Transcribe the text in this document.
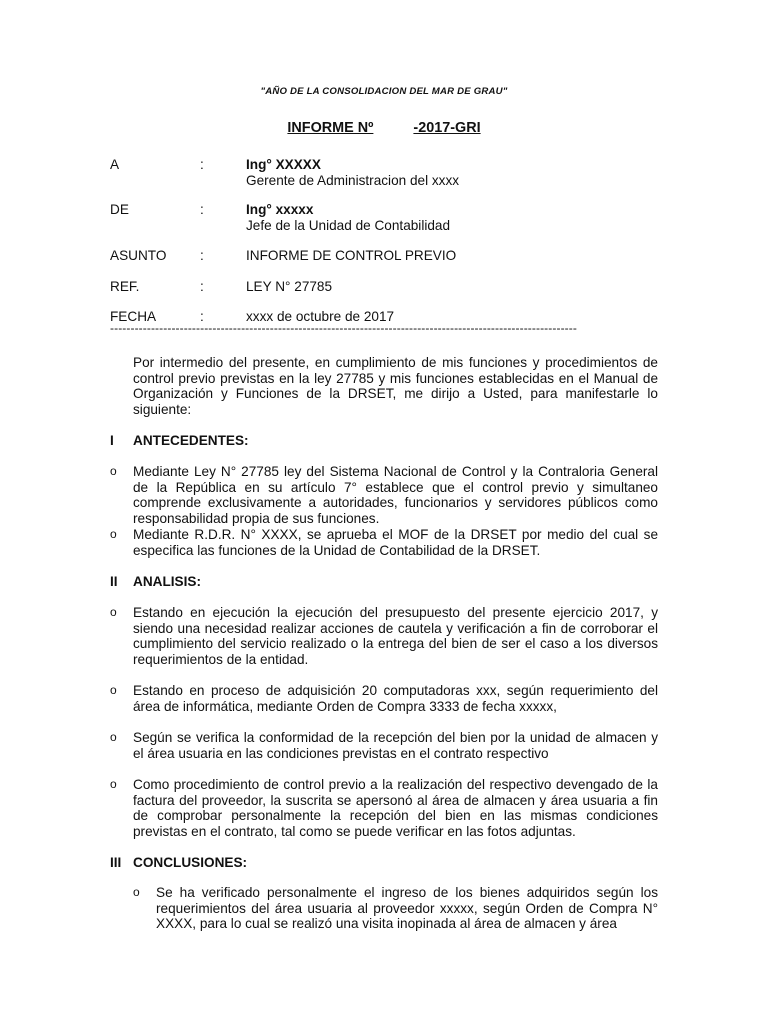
"AÑO DE LA CONSOLIDACION DEL MAR DE GRAU"
INFORME Nº	-2017-GRI
A	:	Ing° XXXXX
Gerente de Administracion del xxxx
DE	:	Ing° xxxxx
Jefe de la Unidad de Contabilidad
ASUNTO :	INFORME DE CONTROL PREVIO
REF.	:	LEY N° 27785
FECHA	:	xxxx de octubre de 2017
------------------------------------------------------------------------------------------------------------------
Por intermedio del presente, en cumplimiento de mis funciones y procedimientos de control previo previstas en la ley 27785 y mis funciones establecidas en el Manual de Organización y Funciones de la DRSET, me dirijo a Usted, para manifestarle lo siguiente:
I ANTECEDENTES:
o Mediante Ley N° 27785 ley del Sistema Nacional de Control y la Contraloria General de la República en su artículo 7° establece que el control previo y simultaneo comprende exclusivamente a autoridades, funcionarios y servidores públicos como responsabilidad propia de sus funciones.
o Mediante R.D.R. N° XXXX, se aprueba el MOF de la DRSET por medio del cual se especifica las funciones de la Unidad de Contabilidad de la DRSET.
II ANALISIS:
o Estando en ejecución la ejecución del presupuesto del presente ejercicio 2017, y siendo una necesidad realizar acciones de cautela y verificación a fin de corroborar el cumplimiento del servicio realizado o la entrega del bien de ser el caso a los diversos requerimientos de la entidad.
o Estando en proceso de adquisición 20 computadoras xxx, según requerimiento del área de informática, mediante Orden de Compra 3333 de fecha xxxxx,
o Según se verifica la conformidad de la recepción del bien por la unidad de almacen y el área usuaria en las condiciones previstas en el contrato respectivo
o Como procedimiento de control previo a la realización del respectivo devengado de la factura del proveedor, la suscrita se apersonó al área de almacen y área usuaria a fin de comprobar personalmente la recepción del bien en las mismas condiciones previstas en el contrato, tal como se puede verificar en las fotos adjuntas.
III CONCLUSIONES:
o Se ha verificado personalmente el ingreso de los bienes adquiridos según los requerimientos del área usuaria al proveedor xxxxx, según Orden de Compra N° XXXX, para lo cual se realizó una visita inopinada al área de almacen y área
